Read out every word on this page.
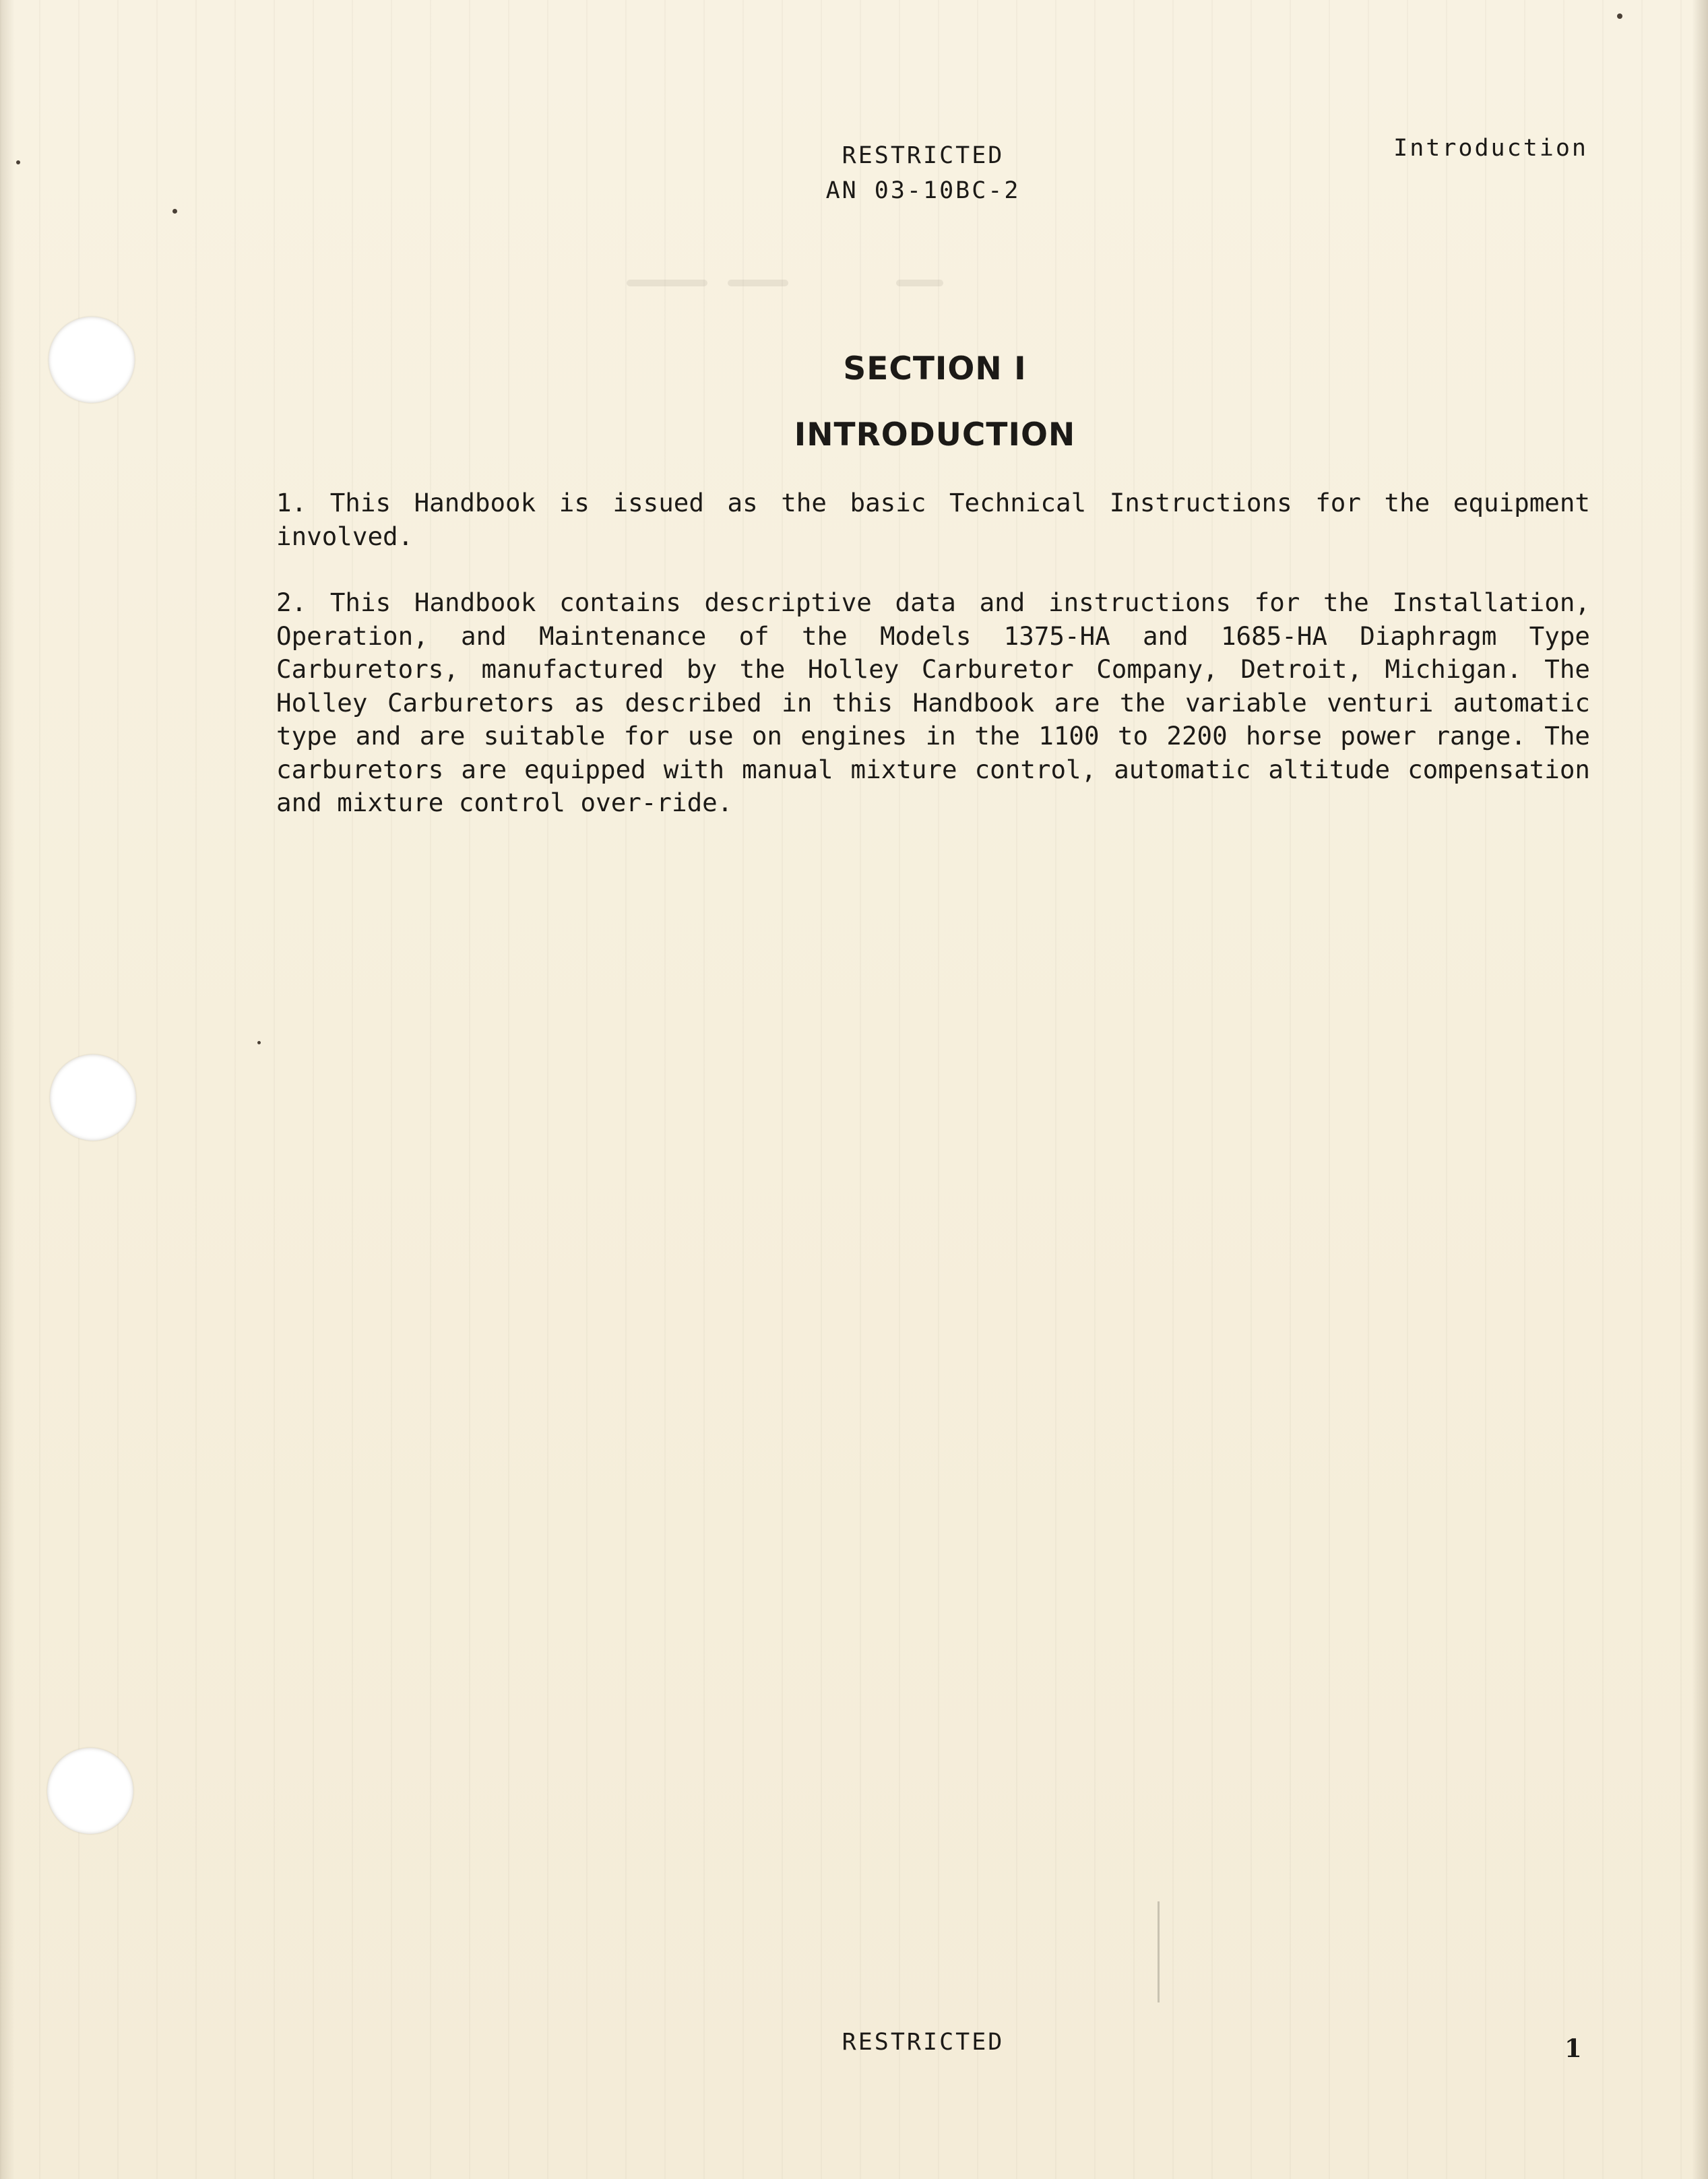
RESTRICTED
AN 03-10BC-2
Introduction
SECTION I
INTRODUCTION

1. This Handbook is issued as the basic Technical Instructions for the equipment involved.

2. This Handbook contains descriptive data and instructions for the Installation, Operation, and Maintenance of the Models 1375-HA and 1685-HA Diaphragm Type Carburetors, manufactured by the Holley Carburetor Company, Detroit, Michigan. The Holley Carburetors as described in this Handbook are the variable venturi automatic type and are suitable for use on engines in the 1100 to 2200 horse power range. The carburetors are equipped with manual mixture control, automatic altitude compensation and mixture control over-ride.

RESTRICTED	1
